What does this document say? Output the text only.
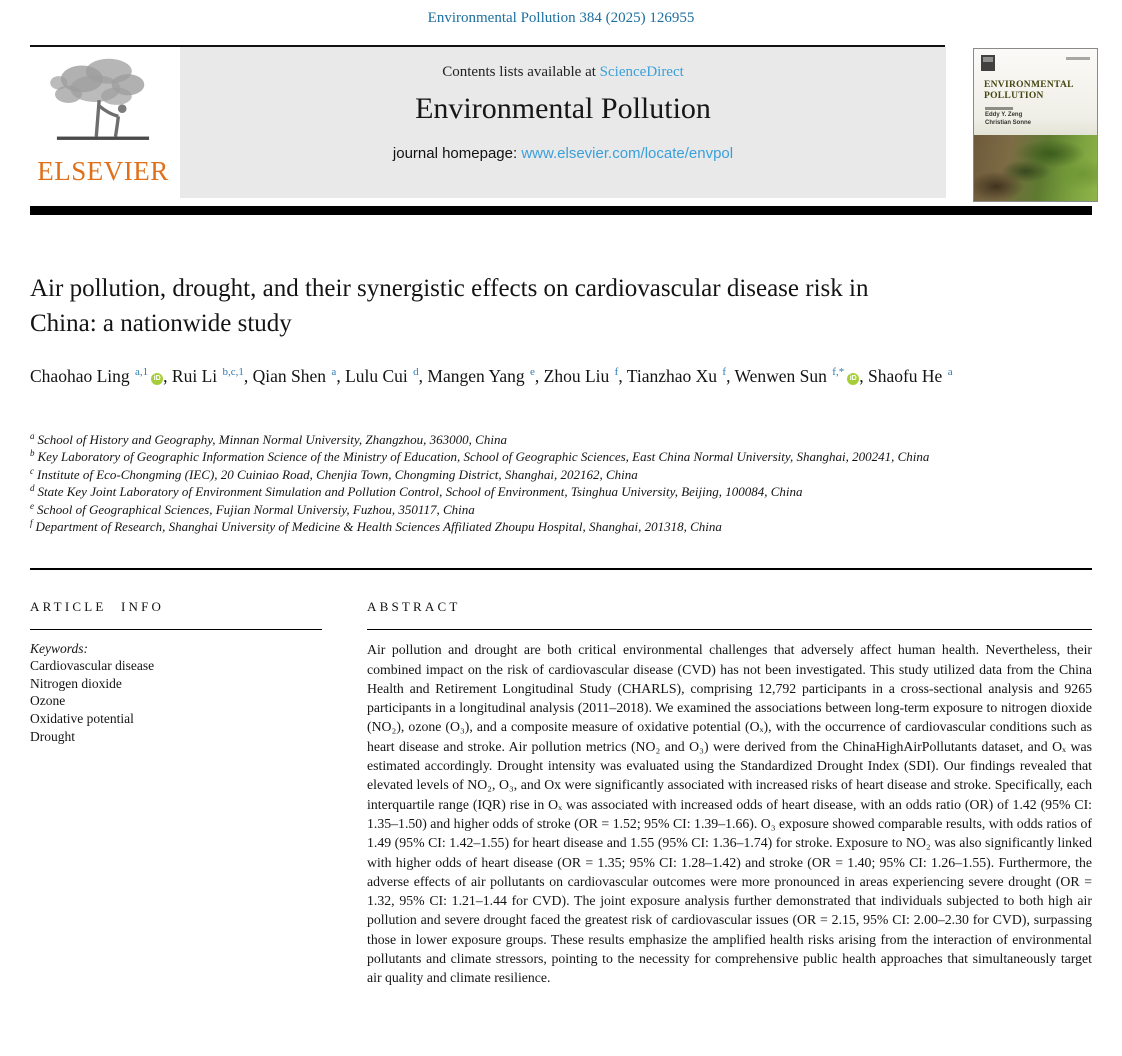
Environmental Pollution 384 (2025) 126955
ELSEVIER
Contents lists available at ScienceDirect
Environmental Pollution
journal homepage: www.elsevier.com/locate/envpol
ENVIRONMENTAL
POLLUTION
Eddy Y. Zeng
Christian Sonne
Air pollution, drought, and their synergistic effects on cardiovascular disease risk in China: a nationwide study
Chaohao Ling $^{a,1}$iD , Rui Li $^{b,c,1}$, Qian Shen $^a$, Lulu Cui $^d$, Mangen Yang $^e$, Zhou Liu $^f$, Tianzhao Xu $^f$, Wenwen Sun $^{f,*}$iD , Shaofu He $^a$
$^a$ School of History and Geography, Minnan Normal University, Zhangzhou, 363000, China
$^b$ Key Laboratory of Geographic Information Science of the Ministry of Education, School of Geographic Sciences, East China Normal University, Shanghai, 200241, China
$^c$ Institute of Eco-Chongming (IEC), 20 Cuiniao Road, Chenjia Town, Chongming District, Shanghai, 202162, China
$^d$ State Key Joint Laboratory of Environment Simulation and Pollution Control, School of Environment, Tsinghua University, Beijing, 100084, China
$^e$ School of Geographical Sciences, Fujian Normal Universiy, Fuzhou, 350117, China
$^f$ Department of Research, Shanghai University of Medicine & Health Sciences Affiliated Zhoupu Hospital, Shanghai, 201318, China
ARTICLE INFO
Keywords:
Cardiovascular disease
Nitrogen dioxide
Ozone
Oxidative potential
Drought
ABSTRACT

Air pollution and drought are both critical environmental challenges that adversely affect human health. Nevertheless, their combined impact on the risk of cardiovascular disease (CVD) has not been investigated. This study utilized data from the China Health and Retirement Longitudinal Study (CHARLS), comprising 12,792 participants in a cross-sectional analysis and 9265 participants in a longitudinal analysis (2011–2018). We examined the associations between long-term exposure to nitrogen dioxide (NO₂), ozone (O₃), and a composite measure of oxidative potential (Oₓ), with the occurrence of cardiovascular conditions such as heart disease and stroke. Air pollution metrics (NO₂ and O₃) were derived from the ChinaHighAirPollutants dataset, and Oₓ was estimated accordingly. Drought intensity was evaluated using the Standardized Drought Index (SDI). Our findings revealed that elevated levels of NO₂, O₃, and Ox were significantly associated with increased risks of heart disease and stroke. Specifically, each interquartile range (IQR) rise in Oₓ was associated with increased odds of heart disease, with an odds ratio (OR) of 1.42 (95% CI: 1.35–1.50) and higher odds of stroke (OR = 1.52; 95% CI: 1.39–1.66). O₃ exposure showed comparable results, with odds ratios of 1.49 (95% CI: 1.42–1.55) for heart disease and 1.55 (95% CI: 1.36–1.74) for stroke. Exposure to NO₂ was also significantly linked with higher odds of heart disease (OR = 1.35; 95% CI: 1.28–1.42) and stroke (OR = 1.40; 95% CI: 1.26–1.55). Furthermore, the adverse effects of air pollutants on cardiovascular outcomes were more pronounced in areas experiencing severe drought (OR = 1.32, 95% CI: 1.21–1.44 for CVD). The joint exposure analysis further demonstrated that individuals subjected to both high air pollution and severe drought faced the greatest risk of cardiovascular issues (OR = 2.15, 95% CI: 2.00–2.30 for CVD), surpassing those in lower exposure groups. These results emphasize the amplified health risks arising from the interaction of environmental pollutants and climate stressors, pointing to the necessity for comprehensive public health approaches that simultaneously target air quality and climate resilience.
